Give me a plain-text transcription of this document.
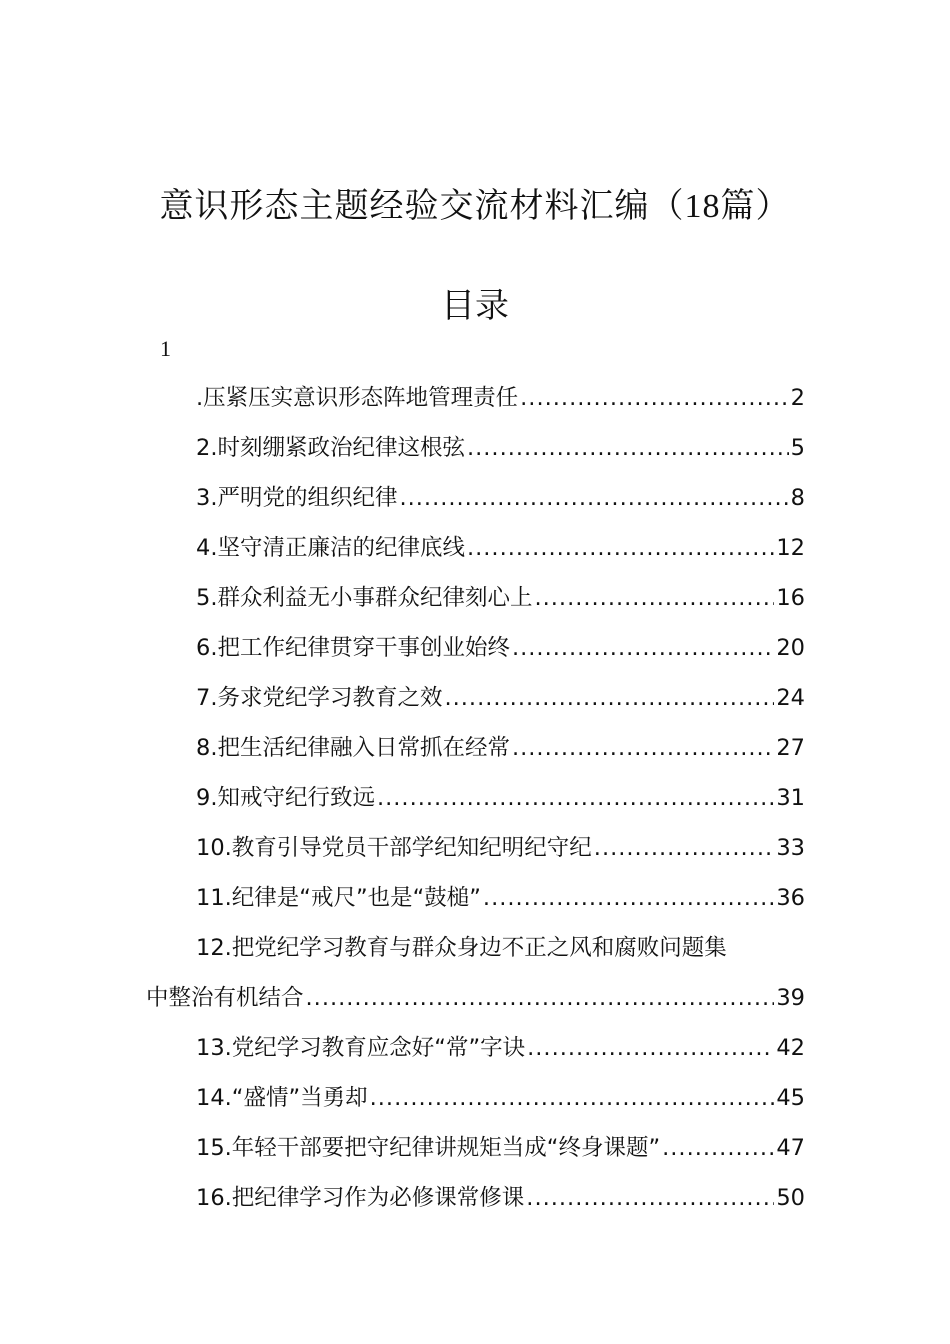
意识形态主题经验交流材料汇编（18篇）
目录
1
.压紧压实意识形态阵地管理责任 .....	2
2.时刻绷紧政治纪律这根弦 .....	5
3.严明党的组织纪律 .....	8
4.坚守清正廉洁的纪律底线 .....	12
5.群众利益无小事群众纪律刻心上 .....	16
6.把工作纪律贯穿干事创业始终 .....	20
7.务求党纪学习教育之效 .....	24
8.把生活纪律融入日常抓在经常 .....	27
9.知戒守纪行致远 .....	31
10.教育引导党员干部学纪知纪明纪守纪 .....	33
11.纪律是“戒尺”也是“鼓槌” .....	36
12.把党纪学习教育与群众身边不正之风和腐败问题集
中整治有机结合 .....	39
13.党纪学习教育应念好“常”字诀 .....	42
14.“盛情”当勇却 .....	45
15.年轻干部要把守纪律讲规矩当成“终身课题” .....	47
16.把纪律学习作为必修课常修课 .....	50
